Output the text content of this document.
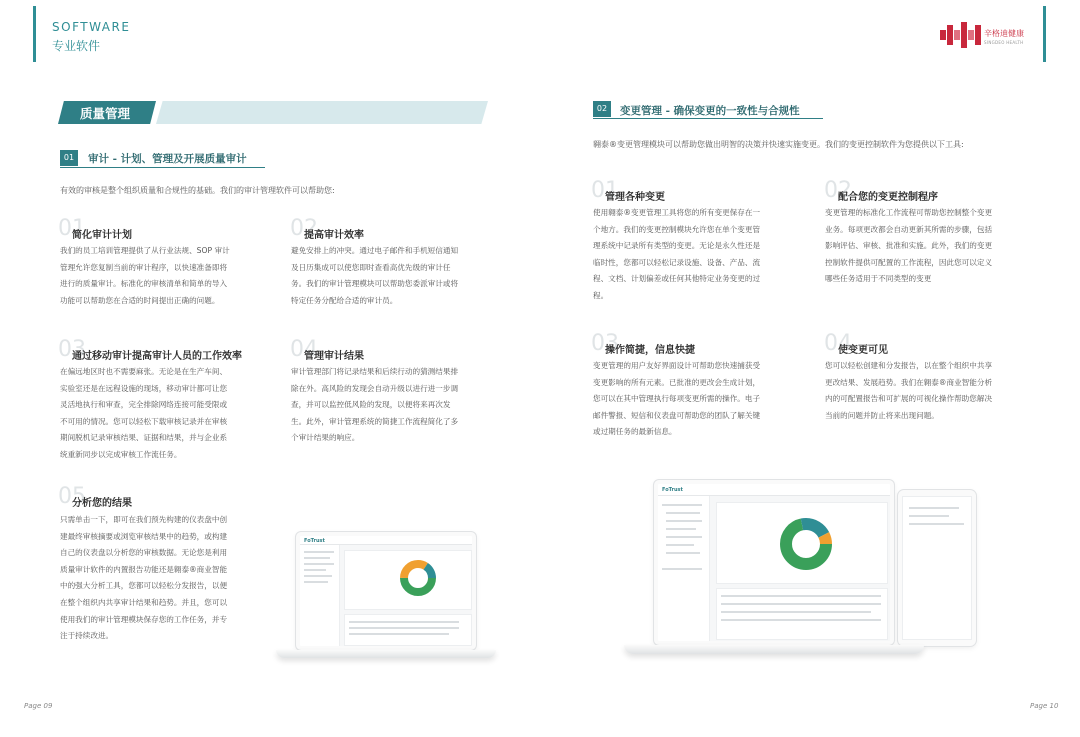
SOFTWARE
专业软件
辛格迪健康
SINGDEO HEALTH
质量管理
01	审计 - 计划、管理及开展质量审计
有效的审核是整个组织质量和合规性的基础。我们的审计管理软件可以帮助您:
01
简化审计计划
我们的员工培训管理提供了从行业法规、SOP 审计
管理允许您复制当前的审计程序，以快速准备即将
进行的质量审计。标准化的审核清单和简单的导入
功能可以帮助您在合适的时间提出正确的问题。
02
提高审计效率
避免安排上的冲突。通过电子邮件和手机短信通知
及日历集成可以使您即时查看高优先级的审计任
务。我们的审计管理模块可以帮助您委派审计或将
特定任务分配给合适的审计员。
03
通过移动审计提高审计人员的工作效率
在偏远地区时也不需要麻张。无论是在生产车间、
实验室还是在远程设施的现场，移动审计都可让您
灵活地执行和审查，完全排除网络连接可能受限或
不可用的情况。您可以轻松下载审核记录并在审核
期间脱机记录审核结果、证据和结果，并与企业系
统重新同步以完成审核工作流任务。
04
管理审计结果
审计管理部门将记录结果和后续行动的猜测结果排
除在外。高风险的发现会自动升级以进行进一步调
查，并可以监控低风险的发现，以便将来再次发
生。此外，审计管理系统的简捷工作流程简化了多
个审计结果的响应。
05
分析您的结果
只需单击一下，即可在我们预先构建的仪表盘中创
建最终审核摘要或浏览审核结果中的趋势，或构建
自己的仪表盘以分析您的审核数据。无论您是利用
质量审计软件的内置报告功能还是翱泰®商业智能
中的强大分析工具，您都可以轻松分发报告，以便
在整个组织内共享审计结果和趋势。并且，您可以
使用我们的审计管理模块保存您的工作任务，并专
注于持续改进。
FoTrust
Page 09
02	变更管理 - 确保变更的一致性与合规性
翱泰®变更管理模块可以帮助您做出明智的决策并快速实施变更。我们的变更控制软件为您提供以下工具:
01
管理各种变更
使用翱泰®变更管理工具将您的所有变更保存在一
个地方。我们的变更控制模块允许您在单个变更管
理系统中记录所有类型的变更。无论是永久性还是
临时性，您都可以轻松记录设施、设备、产品、流
程、文档、计划偏差或任何其他特定业务变更的过
程。
02
配合您的变更控制程序
变更管理的标准化工作流程可帮助您控制整个变更
业务。每项更改都会自动更新其所需的步骤，包括
影响评估、审核、批准和实施。此外，我们的变更
控制软件提供可配置的工作流程，因此您可以定义
哪些任务适用于不同类型的变更
03
操作简捷，信息快捷
变更管理的用户友好界面设计可帮助您快速捕获受
变更影响的所有元素。已批准的更改会生成计划，
您可以在其中管理执行每项变更所需的操作。电子
邮件警报、短信和仪表盘可帮助您的团队了解关键
或过期任务的最新信息。
04
使变更可见
您可以轻松创建和分发报告，以在整个组织中共享
更改结果、发展趋势。我们在翱泰®商业智能分析
内的可配置报告和可扩展的可视化操作帮助您解决
当前的问题并防止将来出现问题。
FoTrust
Page 10
